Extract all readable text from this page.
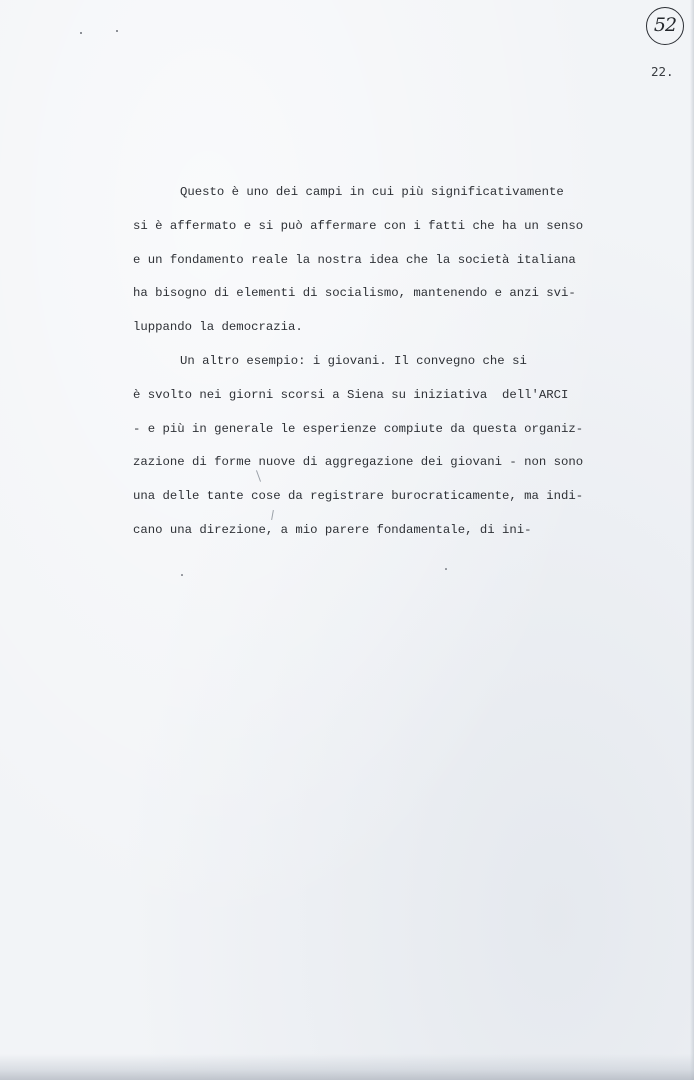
52
22.
Questo è uno dei campi in cui più significativamente
si è affermato e si può affermare con i fatti che ha un senso
e un fondamento reale la nostra idea che la società italiana
ha bisogno di elementi di socialismo, mantenendo e anzi svi-
luppando la democrazia.
Un altro esempio: i giovani. Il convegno che si
è svolto nei giorni scorsi a Siena su iniziativa  dell'ARCI
- e più in generale le esperienze compiute da questa organiz-
zazione di forme nuove di aggregazione dei giovani - non sono
una delle tante cose da registrare burocraticamente, ma indi-
cano una direzione, a mio parere fondamentale, di ini-
